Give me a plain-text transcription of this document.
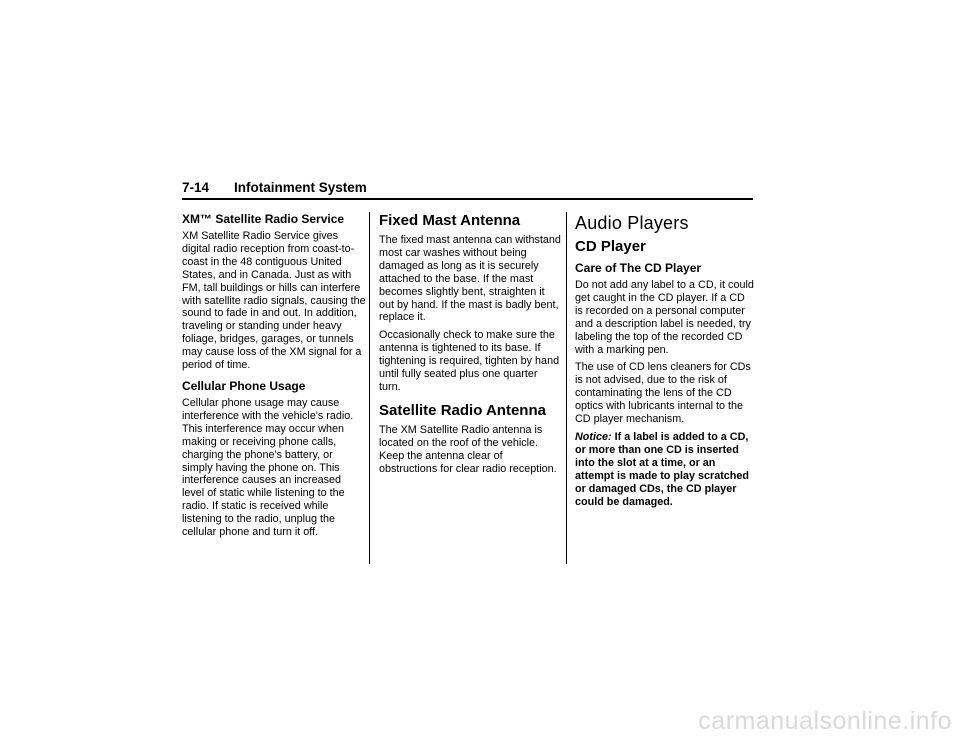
7-14 Infotainment System
XM™ Satellite Radio Service
XM Satellite Radio Service gives digital radio reception from coast-to-coast in the 48 contiguous United States, and in Canada. Just as with FM, tall buildings or hills can interfere with satellite radio signals, causing the sound to fade in and out. In addition, traveling or standing under heavy foliage, bridges, garages, or tunnels may cause loss of the XM signal for a period of time.
Cellular Phone Usage
Cellular phone usage may cause interference with the vehicle's radio. This interference may occur when making or receiving phone calls, charging the phone's battery, or simply having the phone on. This interference causes an increased level of static while listening to the radio. If static is received while listening to the radio, unplug the cellular phone and turn it off.
Fixed Mast Antenna
The fixed mast antenna can withstand most car washes without being damaged as long as it is securely attached to the base. If the mast becomes slightly bent, straighten it out by hand. If the mast is badly bent, replace it.
Occasionally check to make sure the antenna is tightened to its base. If tightening is required, tighten by hand until fully seated plus one quarter turn.
Satellite Radio Antenna
The XM Satellite Radio antenna is located on the roof of the vehicle. Keep the antenna clear of obstructions for clear radio reception.
Audio Players
CD Player
Care of The CD Player
Do not add any label to a CD, it could get caught in the CD player. If a CD is recorded on a personal computer and a description label is needed, try labeling the top of the recorded CD with a marking pen.
The use of CD lens cleaners for CDs is not advised, due to the risk of contaminating the lens of the CD optics with lubricants internal to the CD player mechanism.
Notice: If a label is added to a CD, or more than one CD is inserted into the slot at a time, or an attempt is made to play scratched or damaged CDs, the CD player could be damaged.
carmanualsonline.info
